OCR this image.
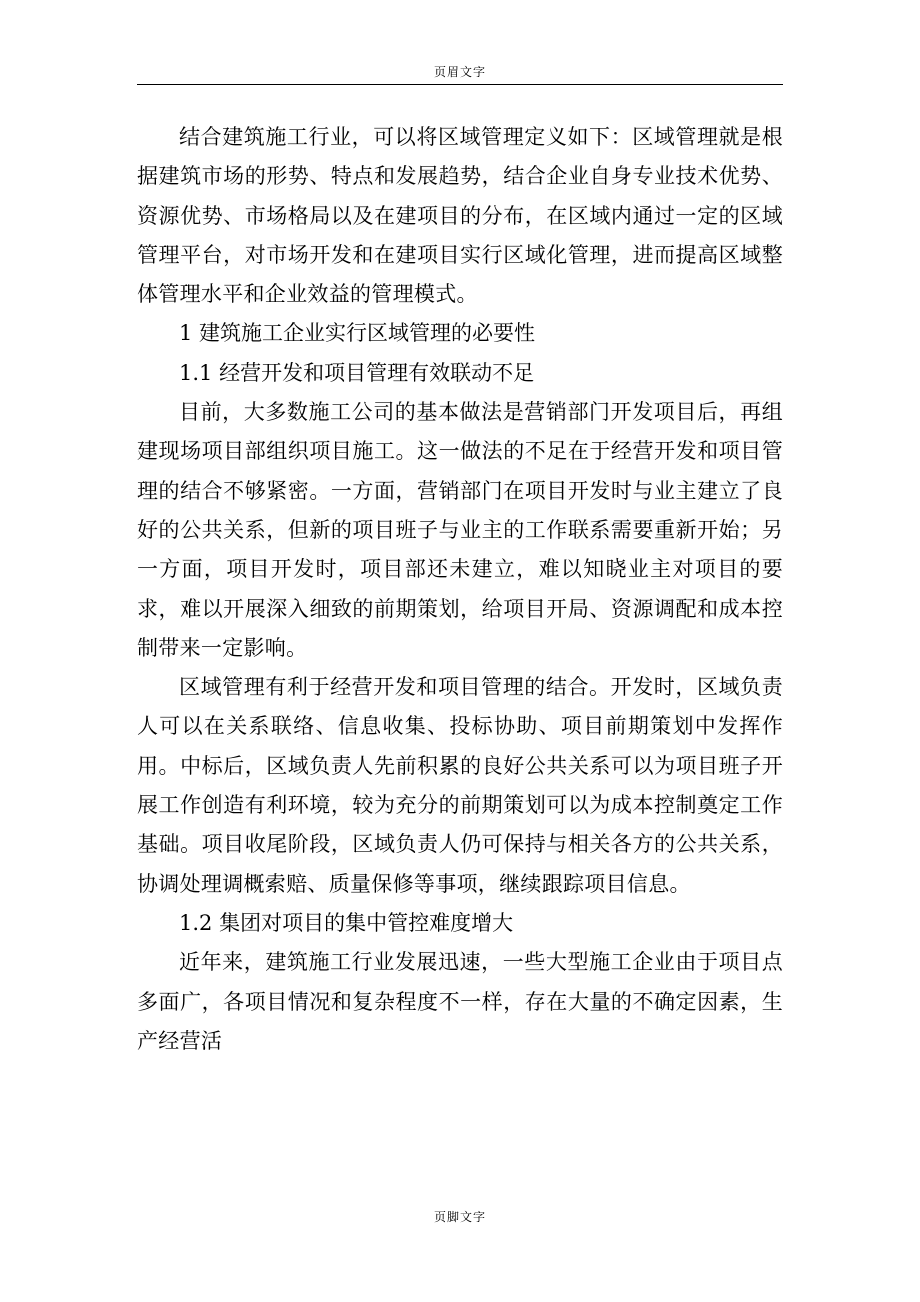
页眉文字

结合建筑施工行业，可以将区域管理定义如下：区域管理就是根据建筑市场的形势、特点和发展趋势，结合企业自身专业技术优势、资源优势、市场格局以及在建项目的分布，在区域内通过一定的区域管理平台，对市场开发和在建项目实行区域化管理，进而提高区域整体管理水平和企业效益的管理模式。

1 建筑施工企业实行区域管理的必要性

1.1 经营开发和项目管理有效联动不足

目前，大多数施工公司的基本做法是营销部门开发项目后，再组建现场项目部组织项目施工。这一做法的不足在于经营开发和项目管理的结合不够紧密。一方面，营销部门在项目开发时与业主建立了良好的公共关系，但新的项目班子与业主的工作联系需要重新开始；另一方面，项目开发时，项目部还未建立，难以知晓业主对项目的要求，难以开展深入细致的前期策划，给项目开局、资源调配和成本控制带来一定影响。

区域管理有利于经营开发和项目管理的结合。开发时，区域负责人可以在关系联络、信息收集、投标协助、项目前期策划中发挥作用。中标后，区域负责人先前积累的良好公共关系可以为项目班子开展工作创造有利环境，较为充分的前期策划可以为成本控制奠定工作基础。项目收尾阶段，区域负责人仍可保持与相关各方的公共关系，协调处理调概索赔、质量保修等事项，继续跟踪项目信息。

1.2 集团对项目的集中管控难度增大

近年来，建筑施工行业发展迅速，一些大型施工企业由于项目点多面广，各项目情况和复杂程度不一样，存在大量的不确定因素，生产经营活

页脚文字
